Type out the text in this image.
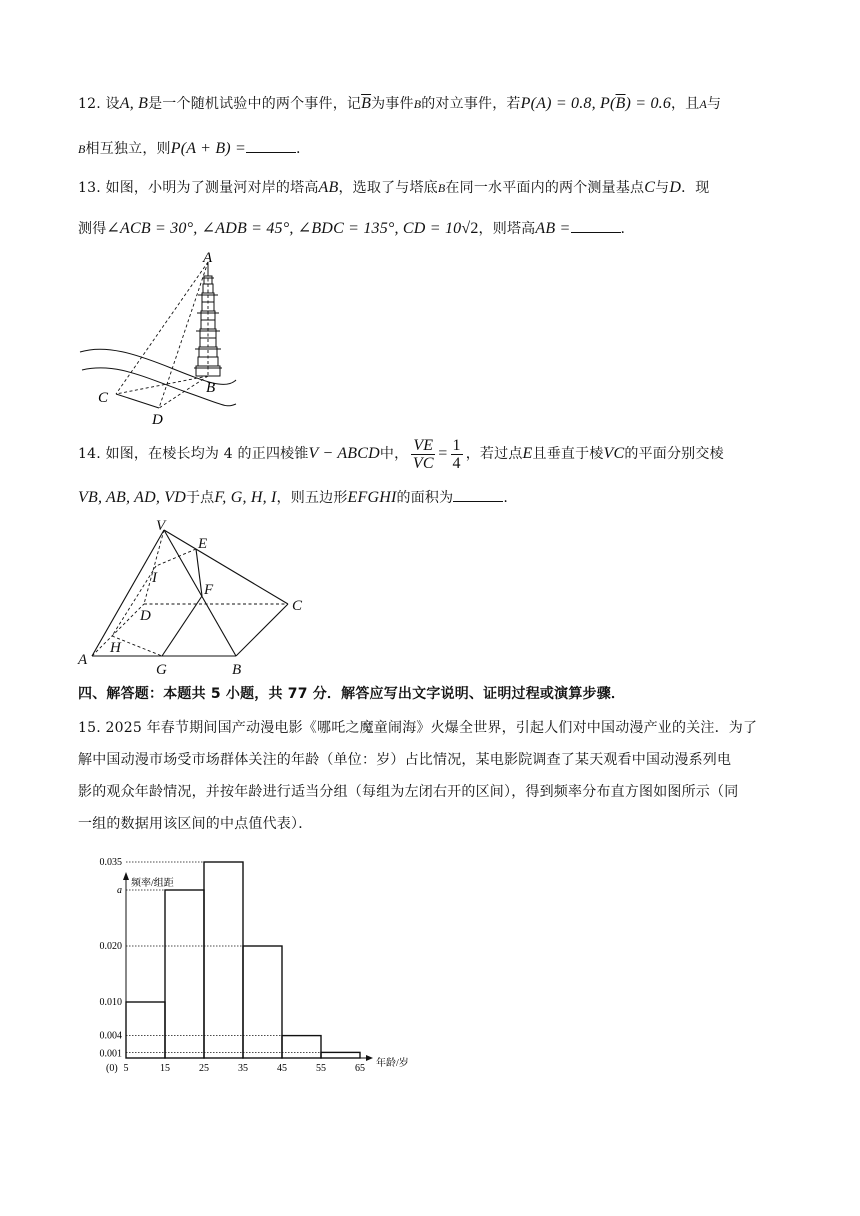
12. 设A, B是一个随机试验中的两个事件，记$\overline{B}$为事件B的对立事件，若P(A) = 0.8, $P(\overline{B}) = 0.6$，且A与
B相互独立，则P(A + B) =	.
13. 如图，小明为了测量河对岸的塔高AB，选取了与塔底B在同一水平面内的两个测量基点C与D．现
测得∠ACB = 30°, ∠ADB = 45°, ∠BDC = 135°, CD = 10√2，则塔高AB =	.
A
B
C
D
14. 如图，在棱长均为 4 的正四棱锥V − ABCD中， $\frac{VE}{VC} = \frac{1}{4}$ ，若过点E且垂直于棱VC的平面分别交棱
VB, AB, AD, VD于点F, G, H, I，则五边形EFGHI的面积为	.
V
E
I
F
D
C
A
H
G	B
四、解答题：本题共 5 小题，共 77 分．解答应写出文字说明、证明过程或演算步骤．
15. 2025 年春节期间国产动漫电影《哪吒之魔童闹海》火爆全世界，引起人们对中国动漫产业的关注．为了
解中国动漫市场受市场群体关注的年龄（单位：岁）占比情况，某电影院调查了某天观看中国动漫系列电
影的观众年龄情况，并按年龄进行适当分组（每组为左闭右开的区间），得到频率分布直方图如图所示（同
一组的数据用该区间的中点值代表）．
频率/组距
年龄/岁
0.035
a
0.020
0.010
0.004
0.001
(0) 5	15	25	35	45	55	65
